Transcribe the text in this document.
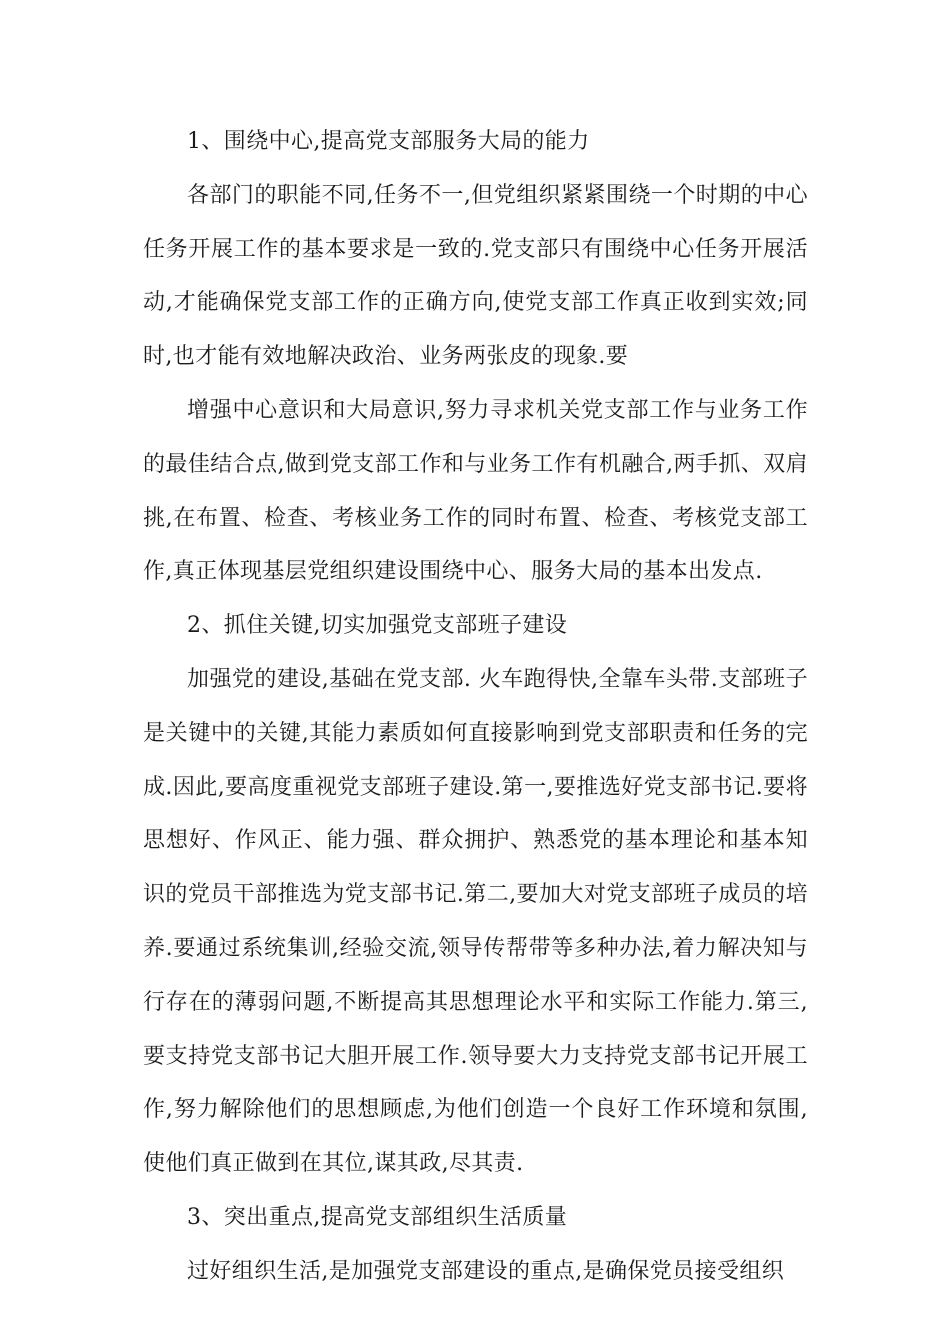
1、围绕中心,提高党支部服务大局的能力

各部门的职能不同,任务不一,但党组织紧紧围绕一个时期的中心任务开展工作的基本要求是一致的.党支部只有围绕中心任务开展活动,才能确保党支部工作的正确方向,使党支部工作真正收到实效;同时,也才能有效地解决政治、业务两张皮的现象.要

增强中心意识和大局意识,努力寻求机关党支部工作与业务工作的最佳结合点,做到党支部工作和与业务工作有机融合,两手抓、双肩挑,在布置、检查、考核业务工作的同时布置、检查、考核党支部工作,真正体现基层党组织建设围绕中心、服务大局的基本出发点.

2、抓住关键,切实加强党支部班子建设

加强党的建设,基础在党支部. 火车跑得快,全靠车头带.支部班子是关键中的关键,其能力素质如何直接影响到党支部职责和任务的完成.因此,要高度重视党支部班子建设.第一,要推选好党支部书记.要将思想好、作风正、能力强、群众拥护、熟悉党的基本理论和基本知识的党员干部推选为党支部书记.第二,要加大对党支部班子成员的培养.要通过系统集训,经验交流,领导传帮带等多种办法,着力解决知与行存在的薄弱问题,不断提高其思想理论水平和实际工作能力.第三,要支持党支部书记大胆开展工作.领导要大力支持党支部书记开展工作,努力解除他们的思想顾虑,为他们创造一个良好工作环境和氛围,使他们真正做到在其位,谋其政,尽其责.

3、突出重点,提高党支部组织生活质量

过好组织生活,是加强党支部建设的重点,是确保党员接受组织
